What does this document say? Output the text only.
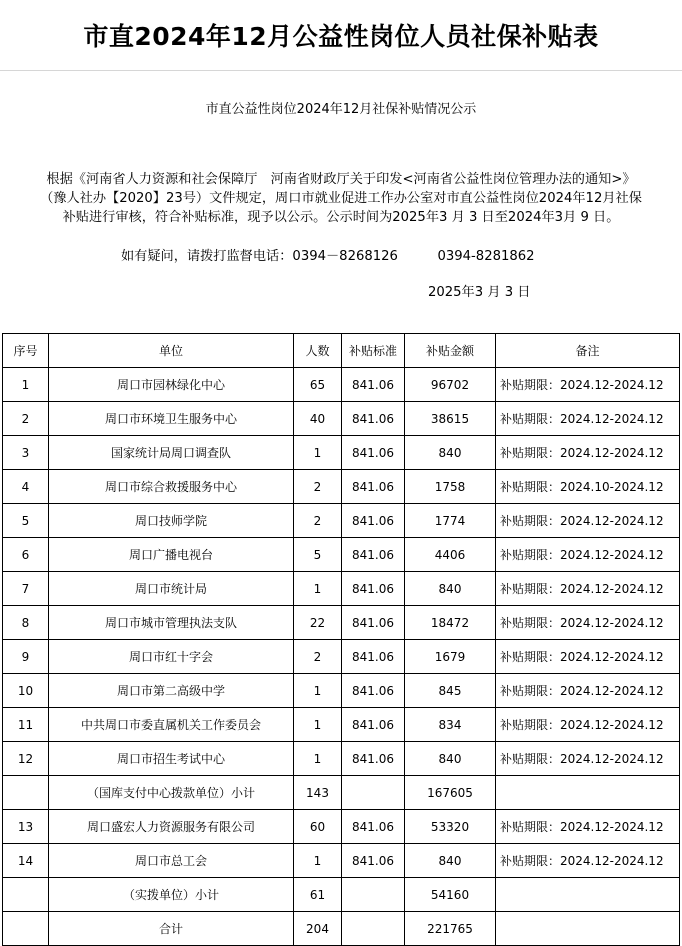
市直2024年12月公益性岗位人员社保补贴表
市直公益性岗位2024年12月社保补贴情况公示
根据《河南省人力资源和社会保障厅　河南省财政厅关于印发<河南省公益性岗位管理办法的通知>》
（豫人社办【2020】23号）文件规定，周口市就业促进工作办公室对市直公益性岗位2024年12月社保
补贴进行审核，符合补贴标准，现予以公示。公示时间为2025年3 月 3 日至2024年3月 9 日。
如有疑问，请拨打监督电话：0394－8268126　　　0394-8281862
2025年3 月 3 日
序号	单位	人数	补贴标准	补贴金额	备注
1	周口市园林绿化中心	65	841.06	96702	补贴期限：2024.12-2024.12
2	周口市环境卫生服务中心	40	841.06	38615	补贴期限：2024.12-2024.12
3	国家统计局周口调查队	1	841.06	840	补贴期限：2024.12-2024.12
4	周口市综合救援服务中心	2	841.06	1758	补贴期限：2024.10-2024.12
5	周口技师学院	2	841.06	1774	补贴期限：2024.12-2024.12
6	周口广播电视台	5	841.06	4406	补贴期限：2024.12-2024.12
7	周口市统计局	1	841.06	840	补贴期限：2024.12-2024.12
8	周口市城市管理执法支队	22	841.06	18472	补贴期限：2024.12-2024.12
9	周口市红十字会	2	841.06	1679	补贴期限：2024.12-2024.12
10	周口市第二高级中学	1	841.06	845	补贴期限：2024.12-2024.12
11	中共周口市委直属机关工作委员会	1	841.06	834	补贴期限：2024.12-2024.12
12	周口市招生考试中心	1	841.06	840	补贴期限：2024.12-2024.12
	（国库支付中心拨款单位）小计	143		167605	
13	周口盛宏人力资源服务有限公司	60	841.06	53320	补贴期限：2024.12-2024.12
14	周口市总工会	1	841.06	840	补贴期限：2024.12-2024.12
	（实拨单位）小计	61		54160	
	合计	204		221765	
